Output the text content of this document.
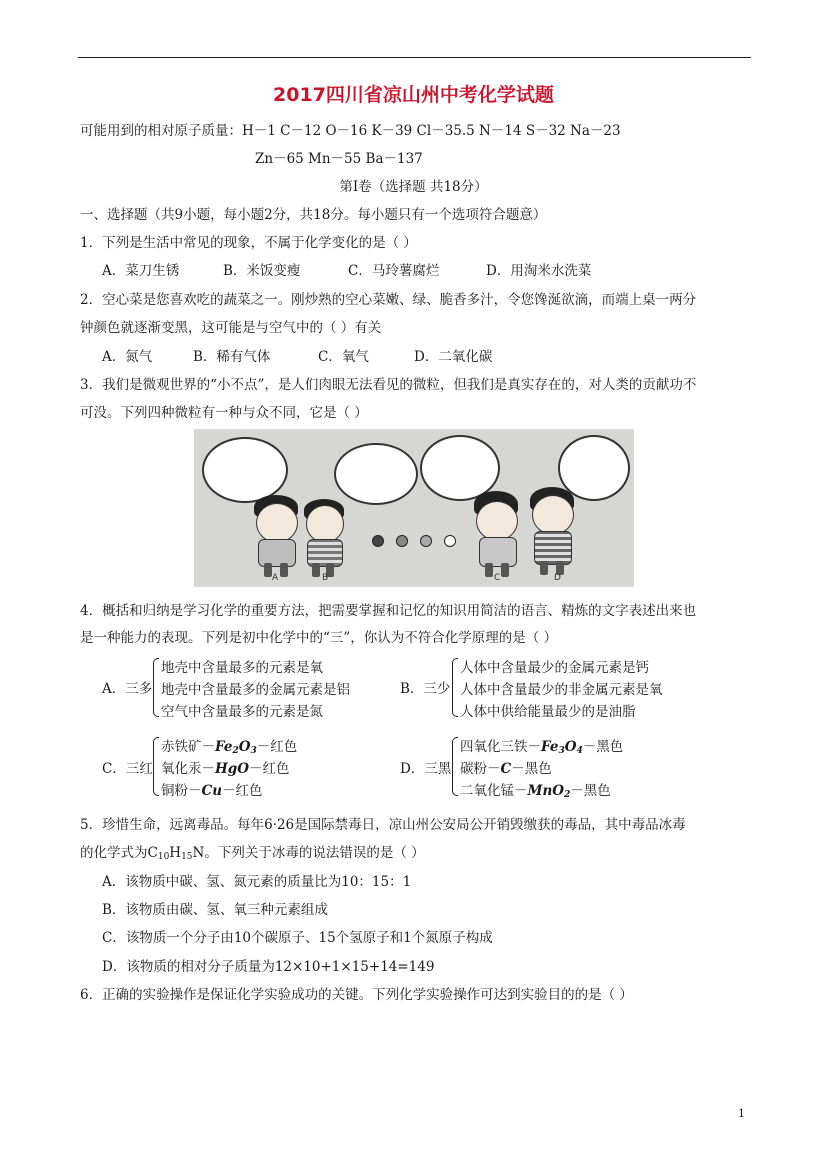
2017四川省凉山州中考化学试题
可能用到的相对原子质量：H－1 C－12 O－16 K－39 Cl－35.5 N－14 S－32 Na－23
Zn－65 Mn－55 Ba－137
第Ⅰ卷（选择题 共18分）
一、选择题（共9小题，每小题2分，共18分。每小题只有一个选项符合题意）
1．下列是生活中常见的现象，不属于化学变化的是（ ）
A．菜刀生锈	B．米饭变瘦	C．马玲薯腐烂	D．用淘米水洗菜
2．空心菜是您喜欢吃的蔬菜之一。刚炒熟的空心菜嫩、绿、脆香多汁，令您馋涎欲滴，而端上桌一两分
钟颜色就逐渐变黑，这可能是与空气中的（ ）有关
A．氮气	B．稀有气体	C．氧气	D．二氧化碳
3．我们是微观世界的“小不点”，是人们肉眼无法看见的微粒，但我们是真实存在的，对人类的贡献功不
可没。下列四种微粒有一种与众不同，它是（ ）
A	B	C	D
4．概括和归纳是学习化学的重要方法，把需要掌握和记忆的知识用简洁的语言、精炼的文字表述出来也
是一种能力的表现。下列是初中化学中的“三”，你认为不符合化学原理的是（ ）
A．三多
地壳中含量最多的元素是氧
地壳中含量最多的金属元素是铝
空气中含量最多的元素是氮
B．三少
人体中含量最少的金属元素是钙
人体中含量最少的非金属元素是氧
人体中供给能量最少的是油脂
C．三红
赤铁矿$-Fe_2O_3-$红色
氧化汞－HgO－红色
铜粉－Cu－红色
D．三黑
四氧化三铁$-Fe_3O_4-$黑色
碳粉－C－黑色
二氧化锰－MnO$_2$－黑色
5．珍惜生命，远离毒品。每年6·26是国际禁毒日，凉山州公安局公开销毁缴获的毒品，其中毒品冰毒
的化学式为$C_{10}H_{15}N$。下列关于冰毒的说法错误的是（ ）
A．该物质中碳、氢、氮元素的质量比为10：15：1
B．该物质由碳、氢、氧三种元素组成
C．该物质一个分子由10个碳原子、15个氢原子和1个氮原子构成
D．该物质的相对分子质量为12×10+1×15+14=149
6．正确的实验操作是保证化学实验成功的关键。下列化学实验操作可达到实验目的的是（ ）
1
